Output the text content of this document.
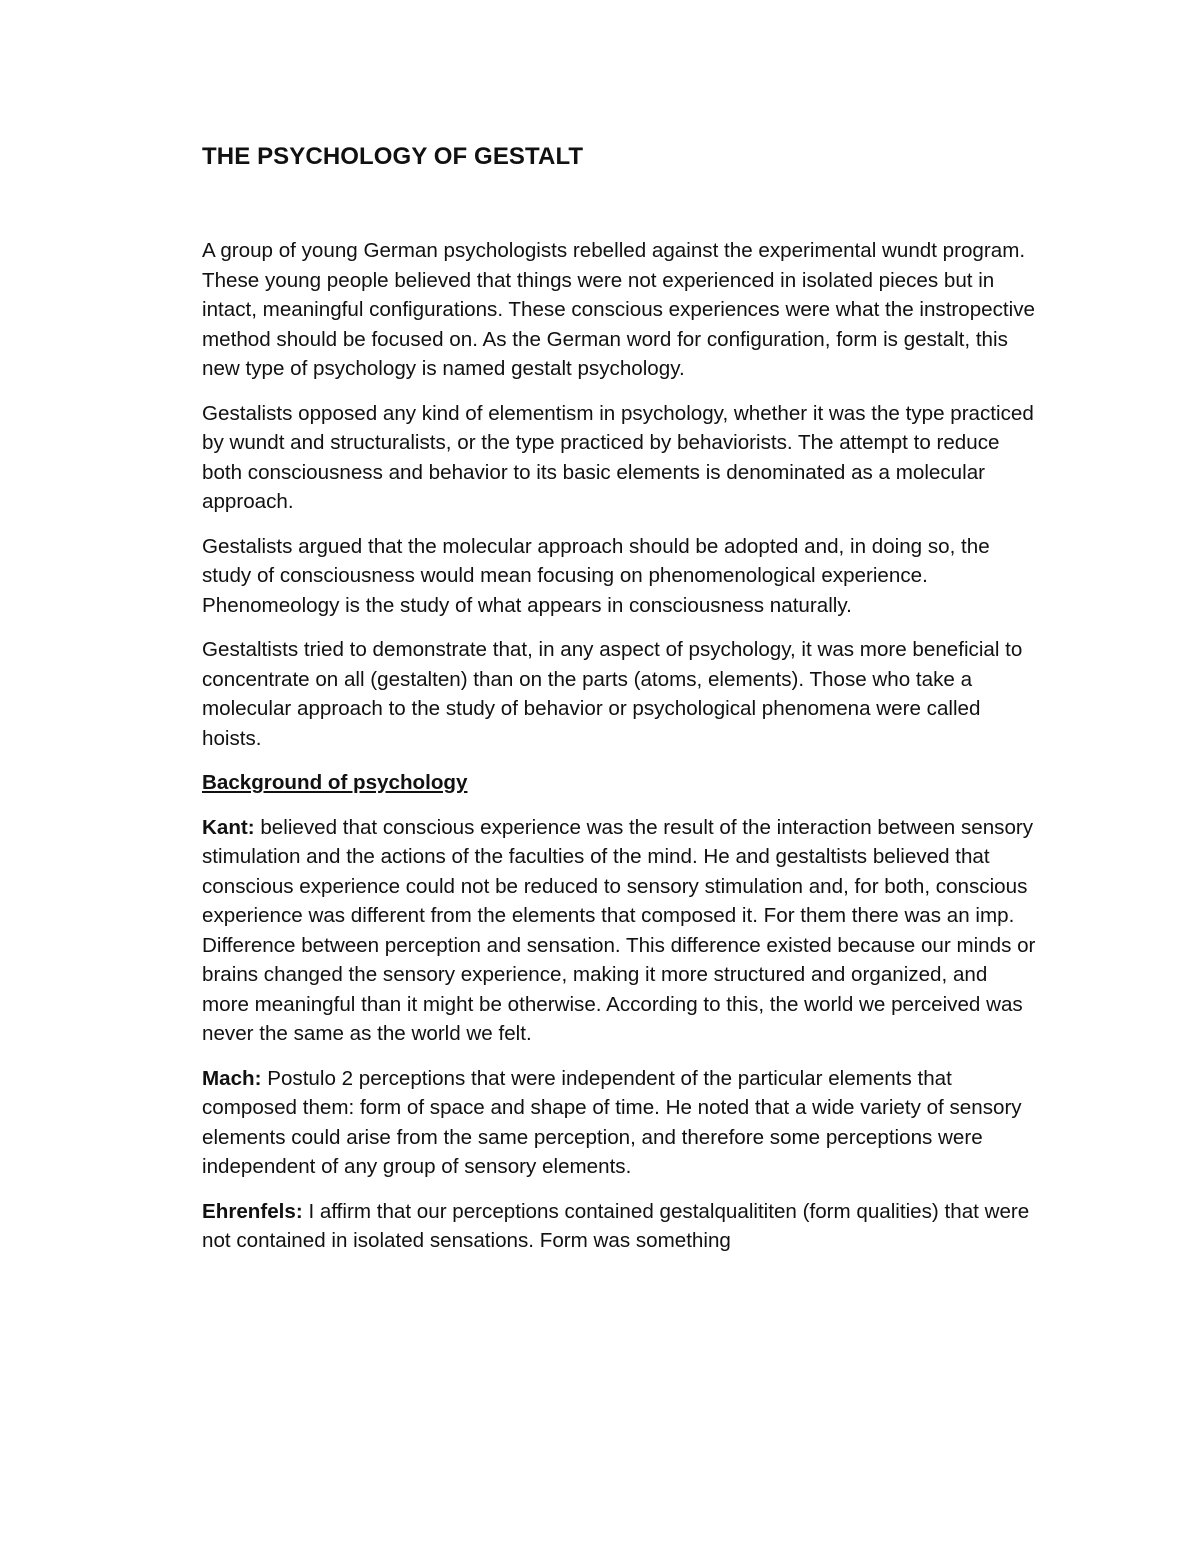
THE PSYCHOLOGY OF GESTALT

A group of young German psychologists rebelled against the experimental wundt program. These young people believed that things were not experienced in isolated pieces but in intact, meaningful configurations. These conscious experiences were what the instropective method should be focused on. As the German word for configuration, form is gestalt, this new type of psychology is named gestalt psychology.

Gestalists opposed any kind of elementism in psychology, whether it was the type practiced by wundt and structuralists, or the type practiced by behaviorists. The attempt to reduce both consciousness and behavior to its basic elements is denominated as a molecular approach.

Gestalists argued that the molecular approach should be adopted and, in doing so, the study of consciousness would mean focusing on phenomenological experience. Phenomeology is the study of what appears in consciousness naturally.

Gestaltists tried to demonstrate that, in any aspect of psychology, it was more beneficial to concentrate on all (gestalten) than on the parts (atoms, elements). Those who take a molecular approach to the study of behavior or psychological phenomena were called hoists.

Background of psychology

Kant: believed that conscious experience was the result of the interaction between sensory stimulation and the actions of the faculties of the mind. He and gestaltists believed that conscious experience could not be reduced to sensory stimulation and, for both, conscious experience was different from the elements that composed it. For them there was an imp. Difference between perception and sensation. This difference existed because our minds or brains changed the sensory experience, making it more structured and organized, and more meaningful than it might be otherwise. According to this, the world we perceived was never the same as the world we felt.

Mach: Postulo 2 perceptions that were independent of the particular elements that composed them: form of space and shape of time. He noted that a wide variety of sensory elements could arise from the same perception, and therefore some perceptions were independent of any group of sensory elements.

Ehrenfels: I affirm that our perceptions contained gestalqualititen (form qualities) that were not contained in isolated sensations. Form was something
